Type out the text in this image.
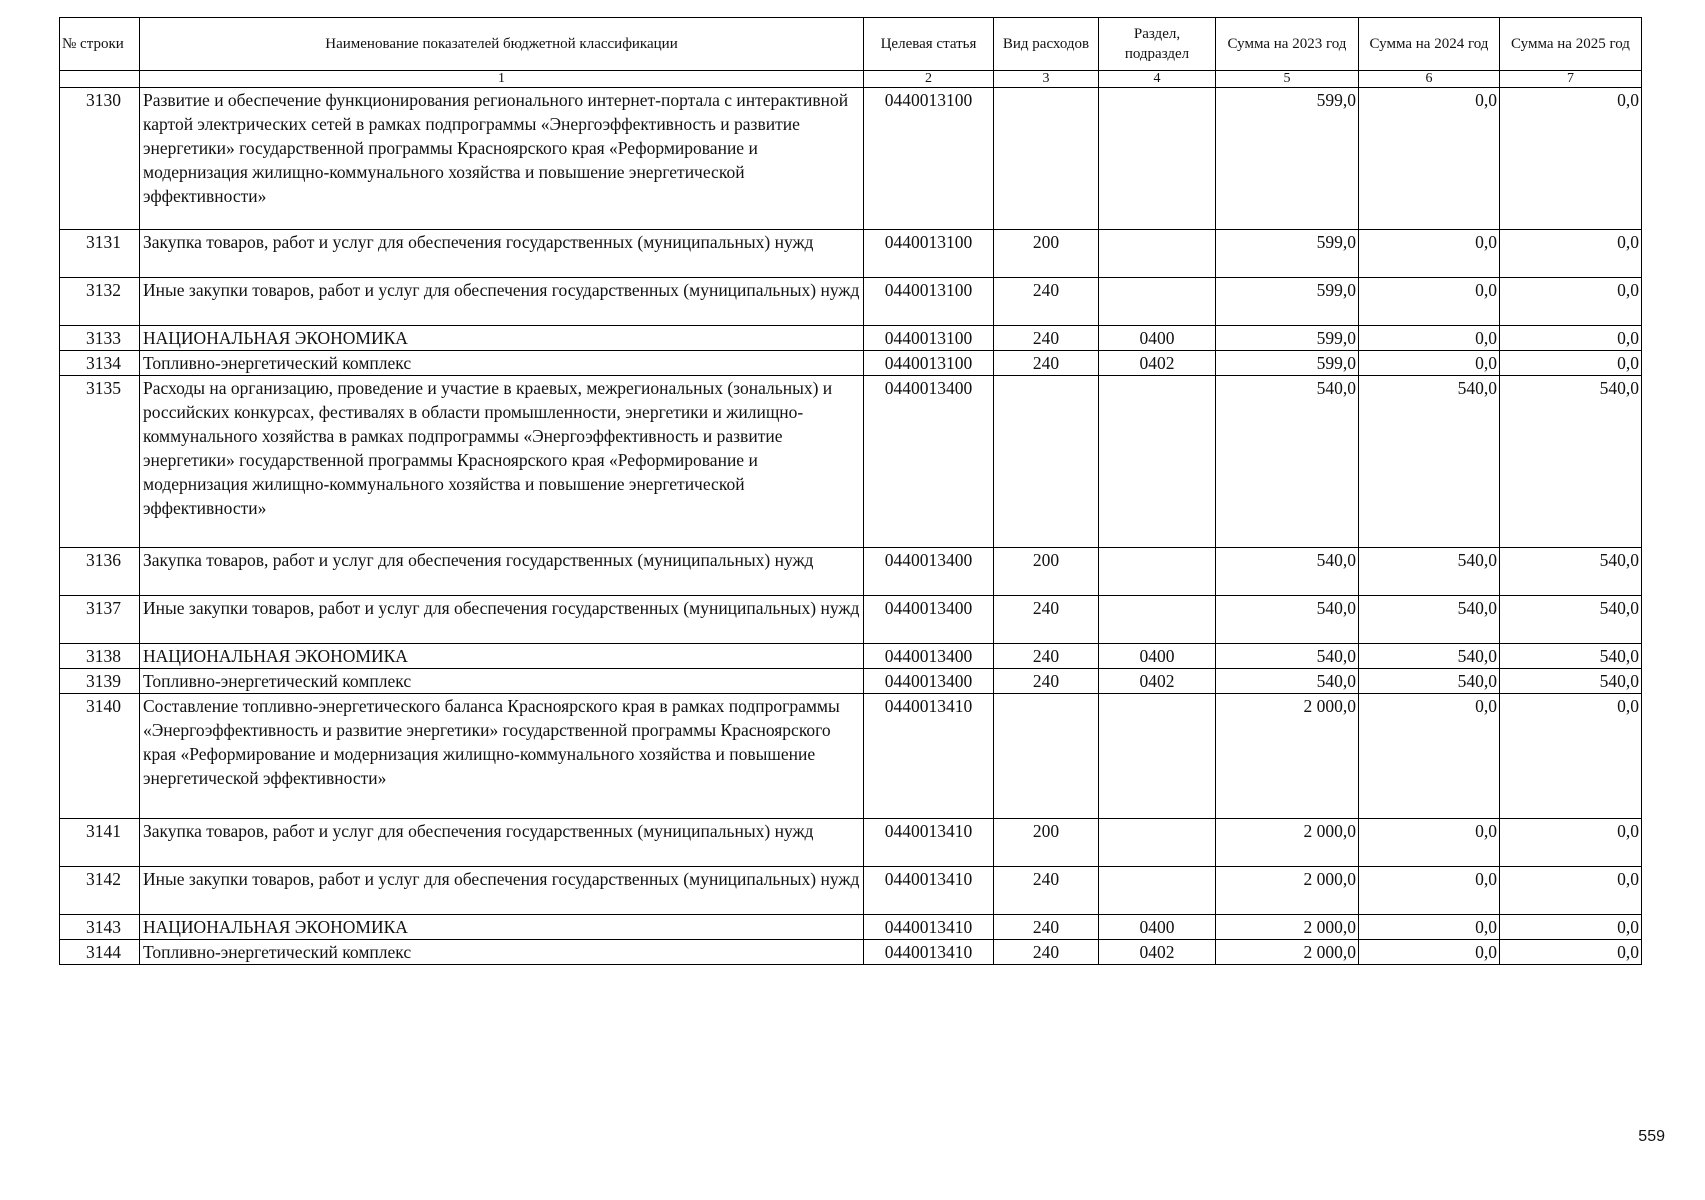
№ строки	Наименование показателей бюджетной классификации	Целевая статья	Вид расходов	Раздел, подраздел	Сумма на 2023 год	Сумма на 2024 год	Сумма на 2025 год
	1	2	3	4	5	6	7
3130	Развитие и обеспечение функционирования регионального интернет-портала с интерактивной картой электрических сетей в рамках подпрограммы «Энергоэффективность и развитие энергетики» государственной программы Красноярского края «Реформирование и модернизация жилищно-коммунального хозяйства и повышение энергетической эффективности»	0440013100			599,0	0,0	0,0
3131	Закупка товаров, работ и услуг для обеспечения государственных (муниципальных) нужд	0440013100	200		599,0	0,0	0,0
3132	Иные закупки товаров, работ и услуг для обеспечения государственных (муниципальных) нужд	0440013100	240		599,0	0,0	0,0
3133	НАЦИОНАЛЬНАЯ ЭКОНОМИКА	0440013100	240	0400	599,0	0,0	0,0
3134	Топливно-энергетический комплекс	0440013100	240	0402	599,0	0,0	0,0
3135	Расходы на организацию, проведение и участие в краевых, межрегиональных (зональных) и российских конкурсах, фестивалях в области промышленности, энергетики и жилищно-коммунального хозяйства в рамках подпрограммы «Энергоэффективность и развитие энергетики» государственной программы Красноярского края «Реформирование и модернизация жилищно-коммунального хозяйства и повышение энергетической эффективности»	0440013400			540,0	540,0	540,0
3136	Закупка товаров, работ и услуг для обеспечения государственных (муниципальных) нужд	0440013400	200		540,0	540,0	540,0
3137	Иные закупки товаров, работ и услуг для обеспечения государственных (муниципальных) нужд	0440013400	240		540,0	540,0	540,0
3138	НАЦИОНАЛЬНАЯ ЭКОНОМИКА	0440013400	240	0400	540,0	540,0	540,0
3139	Топливно-энергетический комплекс	0440013400	240	0402	540,0	540,0	540,0
3140	Составление топливно-энергетического баланса Красноярского края в рамках подпрограммы «Энергоэффективность и развитие энергетики» государственной программы Красноярского края «Реформирование и модернизация жилищно-коммунального хозяйства и повышение энергетической эффективности»	0440013410			2 000,0	0,0	0,0
3141	Закупка товаров, работ и услуг для обеспечения государственных (муниципальных) нужд	0440013410	200		2 000,0	0,0	0,0
3142	Иные закупки товаров, работ и услуг для обеспечения государственных (муниципальных) нужд	0440013410	240		2 000,0	0,0	0,0
3143	НАЦИОНАЛЬНАЯ ЭКОНОМИКА	0440013410	240	0400	2 000,0	0,0	0,0
3144	Топливно-энергетический комплекс	0440013410	240	0402	2 000,0	0,0	0,0
559
